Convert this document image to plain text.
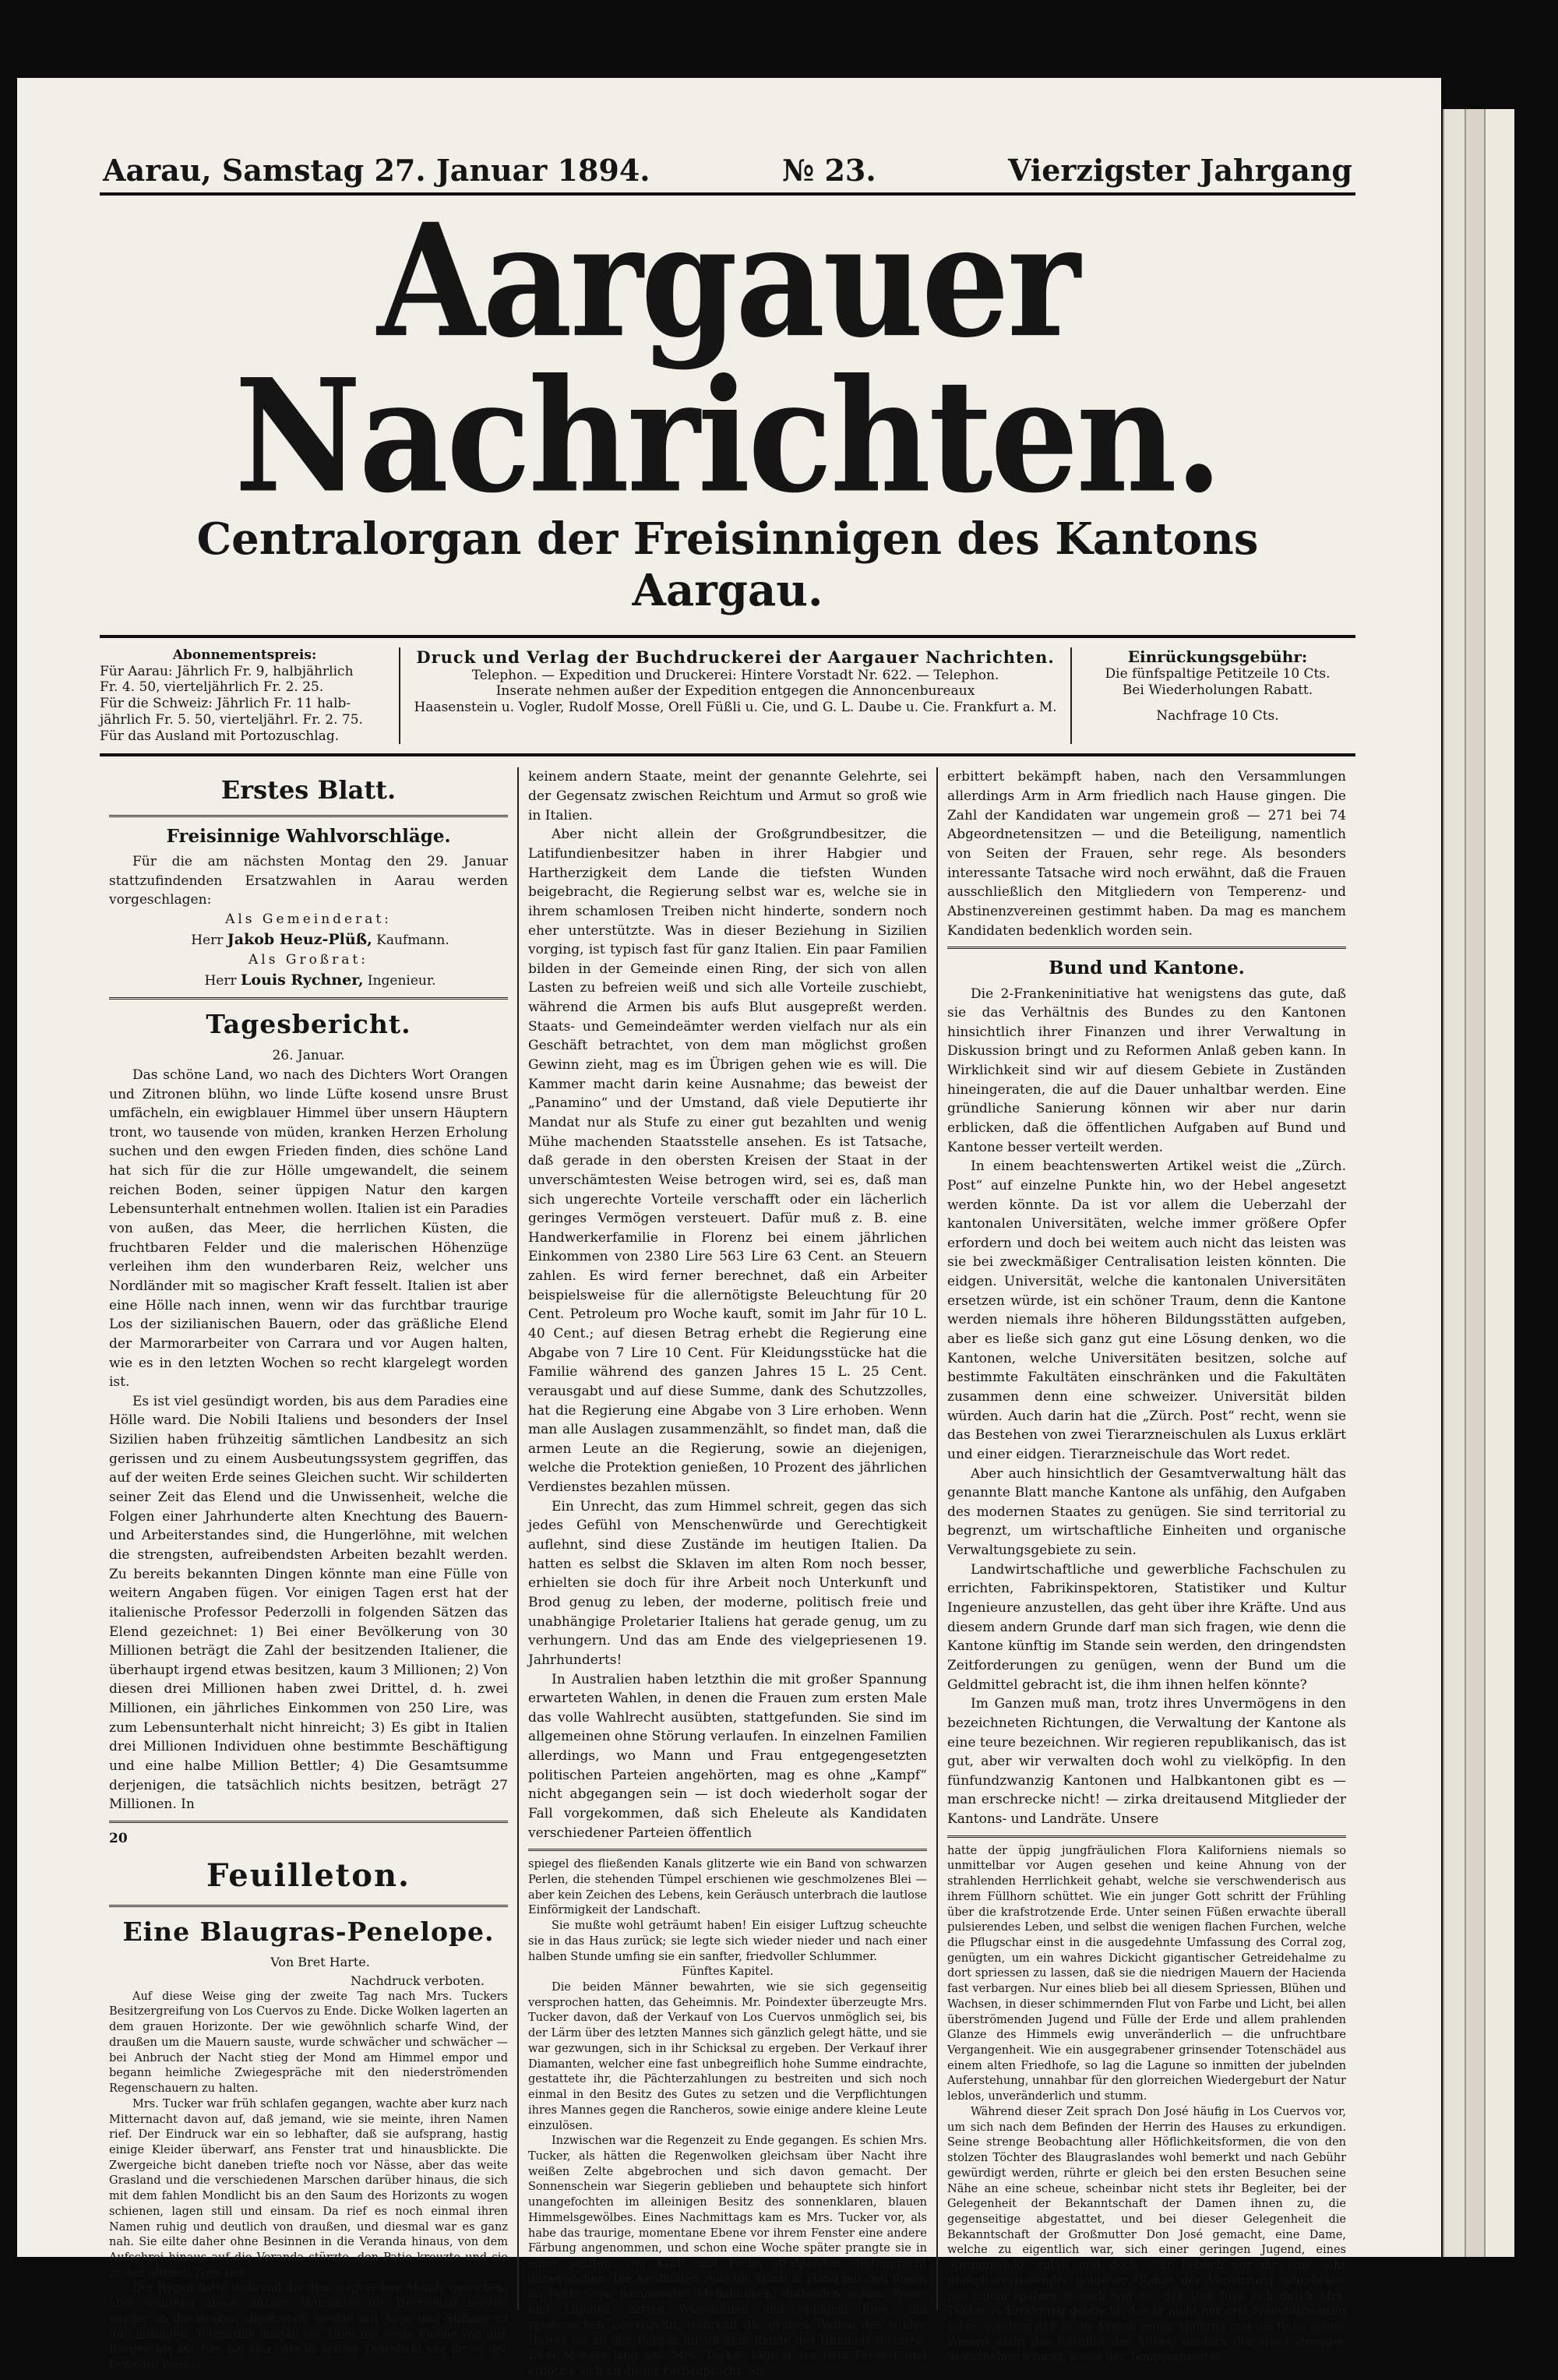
Aarau, Samstag 27. Januar 1894.	№ 23.	Vierzigster Jahrgang
Aargauer Nachrichten.
Centralorgan der Freisinnigen des Kantons Aargau.
Abonnementspreis:
Für Aarau: Jährlich Fr. 9, halbjährlich
Fr. 4. 50, vierteljährlich Fr. 2. 25.
Für die Schweiz: Jährlich Fr. 11 halb-
jährlich Fr. 5. 50, vierteljährl. Fr. 2. 75.
Für das Ausland mit Portozuschlag.
Druck und Verlag der Buchdruckerei der Aargauer Nachrichten.
Telephon. — Expedition und Druckerei: Hintere Vorstadt Nr. 622. — Telephon.
Inserate nehmen außer der Expedition entgegen die Annoncenbureaux
Haasenstein u. Vogler, Rudolf Mosse, Orell Füßli u. Cie, und G. L. Daube u. Cie. Frankfurt a. M.
Einrückungsgebühr:
Die fünfspaltige Petitzeile 10 Cts.
Bei Wiederholungen Rabatt.
Nachfrage 10 Cts.
Erstes Blatt.
Freisinnige Wahlvorschläge.

Für die am nächsten Montag den 29. Januar stattzufindenden Ersatzwahlen in Aarau werden vorgeschlagen:

Als Gemeinderat:

Herr Jakob Heuz-Plüß, Kaufmann.

Als Großrat:

Herr Louis Rychner, Ingenieur.

Tagesbericht.

26. Januar.

Das schöne Land, wo nach des Dichters Wort Orangen und Zitronen blühn, wo linde Lüfte kosend unsre Brust umfächeln, ein ewigblauer Himmel über unsern Häuptern tront, wo tausende von müden, kranken Herzen Erholung suchen und den ewgen Frieden finden, dies schöne Land hat sich für die zur Hölle umgewandelt, die seinem reichen Boden, seiner üppigen Natur den kargen Lebensunterhalt entnehmen wollen. Italien ist ein Paradies von außen, das Meer, die herrlichen Küsten, die fruchtbaren Felder und die malerischen Höhenzüge verleihen ihm den wunderbaren Reiz, welcher uns Nordländer mit so magischer Kraft fesselt. Italien ist aber eine Hölle nach innen, wenn wir das furchtbar traurige Los der sizilianischen Bauern, oder das gräßliche Elend der Marmorarbeiter von Carrara und vor Augen halten, wie es in den letzten Wochen so recht klargelegt worden ist.

Es ist viel gesündigt worden, bis aus dem Paradies eine Hölle ward. Die Nobili Italiens und besonders der Insel Sizilien haben frühzeitig sämtlichen Landbesitz an sich gerissen und zu einem Ausbeutungssystem gegriffen, das auf der weiten Erde seines Gleichen sucht. Wir schilderten seiner Zeit das Elend und die Unwissenheit, welche die Folgen einer Jahrhunderte alten Knechtung des Bauern- und Arbeiterstandes sind, die Hungerlöhne, mit welchen die strengsten, aufreibendsten Arbeiten bezahlt werden. Zu bereits bekannten Dingen könnte man eine Fülle von weitern Angaben fügen. Vor einigen Tagen erst hat der italienische Professor Pederzolli in folgenden Sätzen das Elend gezeichnet: 1) Bei einer Bevölkerung von 30 Millionen beträgt die Zahl der besitzenden Italiener, die überhaupt irgend etwas besitzen, kaum 3 Millionen; 2) Von diesen drei Millionen haben zwei Drittel, d. h. zwei Millionen, ein jährliches Einkommen von 250 Lire, was zum Lebensunterhalt nicht hinreicht; 3) Es gibt in Italien drei Millionen Individuen ohne bestimmte Beschäftigung und eine halbe Million Bettler; 4) Die Gesamtsumme derjenigen, die tatsächlich nichts besitzen, beträgt 27 Millionen. In

20

Feuilleton.
Eine Blaugras-Penelope.

Von Bret Harte.

Nachdruck verboten.

Auf diese Weise ging der zweite Tag nach Mrs. Tuckers Besitzergreifung von Los Cuervos zu Ende. Dicke Wolken lagerten an dem grauen Horizonte. Der wie gewöhnlich scharfe Wind, der draußen um die Mauern sauste, wurde schwächer und schwächer — bei Anbruch der Nacht stieg der Mond am Himmel empor und begann heimliche Zwiegespräche mit den niederströmenden Regenschauern zu halten.

Mrs. Tucker war früh schlafen gegangen, wachte aber kurz nach Mitternacht davon auf, daß jemand, wie sie meinte, ihren Namen rief. Der Eindruck war ein so lebhafter, daß sie aufsprang, hastig einige Kleider überwarf, ans Fenster trat und hinausblickte. Die Zwergeiche bicht daneben triefte noch vor Nässe, aber das weite Grasland und die verschiedenen Marschen darüber hinaus, die sich mit dem fahlen Mondlicht bis an den Saum des Horizonts zu wogen schienen, lagen still und einsam. Da rief es noch einmal ihren Namen ruhig und deutlich von draußen, und diesmal war es ganz nah. Sie eilte daher ohne Besinnen in die Veranda hinaus, von dem Aufschrei hinaus auf die Veranda stürzte, den Patio kreuzte und sie in den offenen Zore tief.

Der Regen hatte während die dem siegreichen Monde gewichen, aber während dieses kurzen Momentes die Herrschaft bereits wieder an die Wolken abgetreten, so daß mit Auge und Stimme zu durchdringen. Totenstille umgab sie. Über die weite Fläche von den Bergen bis zur See lag klar, wie in hellem Tageslicht vor ihr — der bewegte Wasser-

keinem andern Staate, meint der genannte Gelehrte, sei der Gegensatz zwischen Reichtum und Armut so groß wie in Italien.

Aber nicht allein der Großgrundbesitzer, die Latifundienbesitzer haben in ihrer Habgier und Hartherzigkeit dem Lande die tiefsten Wunden beigebracht, die Regierung selbst war es, welche sie in ihrem schamlosen Treiben nicht hinderte, sondern noch eher unterstützte. Was in dieser Beziehung in Sizilien vorging, ist typisch fast für ganz Italien. Ein paar Familien bilden in der Gemeinde einen Ring, der sich von allen Lasten zu befreien weiß und sich alle Vorteile zuschiebt, während die Armen bis aufs Blut ausgepreßt werden. Staats- und Gemeindeämter werden vielfach nur als ein Geschäft betrachtet, von dem man möglichst großen Gewinn zieht, mag es im Übrigen gehen wie es will. Die Kammer macht darin keine Ausnahme; das beweist der „Panamino“ und der Umstand, daß viele Deputierte ihr Mandat nur als Stufe zu einer gut bezahlten und wenig Mühe machenden Staatsstelle ansehen. Es ist Tatsache, daß gerade in den obersten Kreisen der Staat in der unverschämtesten Weise betrogen wird, sei es, daß man sich ungerechte Vorteile verschafft oder ein lächerlich geringes Vermögen versteuert. Dafür muß z. B. eine Handwerkerfamilie in Florenz bei einem jährlichen Einkommen von 2380 Lire 563 Lire 63 Cent. an Steuern zahlen. Es wird ferner berechnet, daß ein Arbeiter beispielsweise für die allernötigste Beleuchtung für 20 Cent. Petroleum pro Woche kauft, somit im Jahr für 10 L. 40 Cent.; auf diesen Betrag erhebt die Regierung eine Abgabe von 7 Lire 10 Cent. Für Kleidungsstücke hat die Familie während des ganzen Jahres 15 L. 25 Cent. verausgabt und auf diese Summe, dank des Schutzzolles, hat die Regierung eine Abgabe von 3 Lire erhoben. Wenn man alle Auslagen zusammenzählt, so findet man, daß die armen Leute an die Regierung, sowie an diejenigen, welche die Protektion genießen, 10 Prozent des jährlichen Verdienstes bezahlen müssen.

Ein Unrecht, das zum Himmel schreit, gegen das sich jedes Gefühl von Menschenwürde und Gerechtigkeit auflehnt, sind diese Zustände im heutigen Italien. Da hatten es selbst die Sklaven im alten Rom noch besser, erhielten sie doch für ihre Arbeit noch Unterkunft und Brod genug zu leben, der moderne, politisch freie und unabhängige Proletarier Italiens hat gerade genug, um zu verhungern. Und das am Ende des vielgepriesenen 19. Jahrhunderts!

In Australien haben letzthin die mit großer Spannung erwarteten Wahlen, in denen die Frauen zum ersten Male das volle Wahlrecht ausübten, stattgefunden. Sie sind im allgemeinen ohne Störung verlaufen. In einzelnen Familien allerdings, wo Mann und Frau entgegengesetzten politischen Parteien angehörten, mag es ohne „Kampf“ nicht abgegangen sein — ist doch wiederholt sogar der Fall vorgekommen, daß sich Eheleute als Kandidaten verschiedener Parteien öffentlich

spiegel des fließenden Kanals glitzerte wie ein Band von schwarzen Perlen, die stehenden Tümpel erschienen wie geschmolzenes Blei — aber kein Zeichen des Lebens, kein Geräusch unterbrach die lautlose Einförmigkeit der Landschaft.

Sie mußte wohl geträumt haben! Ein eisiger Luftzug scheuchte sie in das Haus zurück; sie legte sich wieder nieder und nach einer halben Stunde umfing sie ein sanfter, friedvoller Schlummer.

Fünftes Kapitel.

Die beiden Männer bewahrten, wie sie sich gegenseitig versprochen hatten, das Geheimnis. Mr. Poindexter überzeugte Mrs. Tucker davon, daß der Verkauf von Los Cuervos unmöglich sei, bis der Lärm über des letzten Mannes sich gänzlich gelegt hätte, und sie war gezwungen, sich in ihr Schicksal zu ergeben. Der Verkauf ihrer Diamanten, welcher eine fast unbegreiflich hohe Summe eindrachte, gestattete ihr, die Pächterzahlungen zu bestreiten und sich noch einmal in den Besitz des Gutes zu setzen und die Verpflichtungen ihres Mannes gegen die Rancheros, sowie einige andere kleine Leute einzulösen.

Inzwischen war die Regenzeit zu Ende gegangen. Es schien Mrs. Tucker, als hätten die Regenwolken gleichsam über Nacht ihre weißen Zelte abgebrochen und sich davon gemacht. Der Sonnenschein war Siegerin geblieben und behauptete sich hinfort unangefochten im alleinigen Besitz des sonnenklaren, blauen Himmelsgewölbes. Eines Nachmittags kam es Mrs. Tucker vor, als habe das traurige, momentane Ebene vor ihrem Fenster eine andere Färbung angenommen, und schon eine Woche später prangte sie in einer sanften, von Kraft und Farbe strahlenden Blütenpracht ohnegleichen. Die Senfblüten reichten Hand in Hand mit den Rosen an Felder von flammenden Mohnblumen, duftenden wilden Rosen und Lupinen, zarten Wasserlilien und üppigem Klee, und spielerischen Löwenzahn, während die grünen Wellen des wilden Hafers bis zu den Bergen hinauf zum Rande des Himmels reichten. Zwei Monate lang saß Mrs. Tucker täglich vor dem Fenster und ergötzte sich an dieser Farbenpracht. Sie

erbittert bekämpft haben, nach den Versammlungen allerdings Arm in Arm friedlich nach Hause gingen. Die Zahl der Kandidaten war ungemein groß — 271 bei 74 Abgeordnetensitzen — und die Beteiligung, namentlich von Seiten der Frauen, sehr rege. Als besonders interessante Tatsache wird noch erwähnt, daß die Frauen ausschließlich den Mitgliedern von Temperenz- und Abstinenzvereinen gestimmt haben. Da mag es manchem Kandidaten bedenklich worden sein.

Bund und Kantone.

Die 2-Frankeninitiative hat wenigstens das gute, daß sie das Verhältnis des Bundes zu den Kantonen hinsichtlich ihrer Finanzen und ihrer Verwaltung in Diskussion bringt und zu Reformen Anlaß geben kann. In Wirklichkeit sind wir auf diesem Gebiete in Zuständen hineingeraten, die auf die Dauer unhaltbar werden. Eine gründliche Sanierung können wir aber nur darin erblicken, daß die öffentlichen Aufgaben auf Bund und Kantone besser verteilt werden.

In einem beachtenswerten Artikel weist die „Zürch. Post“ auf einzelne Punkte hin, wo der Hebel angesetzt werden könnte. Da ist vor allem die Ueberzahl der kantonalen Universitäten, welche immer größere Opfer erfordern und doch bei weitem auch nicht das leisten was sie bei zweckmäßiger Centralisation leisten könnten. Die eidgen. Universität, welche die kantonalen Universitäten ersetzen würde, ist ein schöner Traum, denn die Kantone werden niemals ihre höheren Bildungsstätten aufgeben, aber es ließe sich ganz gut eine Lösung denken, wo die Kantonen, welche Universitäten besitzen, solche auf bestimmte Fakultäten einschränken und die Fakultäten zusammen denn eine schweizer. Universität bilden würden. Auch darin hat die „Zürch. Post“ recht, wenn sie das Bestehen von zwei Tierarzneischulen als Luxus erklärt und einer eidgen. Tierarzneischule das Wort redet.

Aber auch hinsichtlich der Gesamtverwaltung hält das genannte Blatt manche Kantone als unfähig, den Aufgaben des modernen Staates zu genügen. Sie sind territorial zu begrenzt, um wirtschaftliche Einheiten und organische Verwaltungsgebiete zu sein.

Landwirtschaftliche und gewerbliche Fachschulen zu errichten, Fabrikinspektoren, Statistiker und Kultur Ingenieure anzustellen, das geht über ihre Kräfte. Und aus diesem andern Grunde darf man sich fragen, wie denn die Kantone künftig im Stande sein werden, den dringendsten Zeitforderungen zu genügen, wenn der Bund um die Geldmittel gebracht ist, die ihm ihnen helfen könnte?

Im Ganzen muß man, trotz ihres Unvermögens in den bezeichneten Richtungen, die Verwaltung der Kantone als eine teure bezeichnen. Wir regieren republikanisch, das ist gut, aber wir verwalten doch wohl zu vielköpfig. In den fünfundzwanzig Kantonen und Halbkantonen gibt es — man erschrecke nicht! — zirka dreitausend Mitglieder der Kantons- und Landräte. Unsere

hatte der üppig jungfräulichen Flora Kaliforniens niemals so unmittelbar vor Augen gesehen und keine Ahnung von der strahlenden Herrlichkeit gehabt, welche sie verschwenderisch aus ihrem Füllhorn schüttet. Wie ein junger Gott schritt der Frühling über die krafstrotzende Erde. Unter seinen Füßen erwachte überall pulsierendes Leben, und selbst die wenigen flachen Furchen, welche die Pflugschar einst in die ausgedehnte Umfassung des Corral zog, genügten, um ein wahres Dickicht gigantischer Getreidehalme zu dort spriessen zu lassen, daß sie die niedrigen Mauern der Hacienda fast verbargen. Nur eines blieb bei all diesem Spriessen, Blühen und Wachsen, in dieser schimmernden Flut von Farbe und Licht, bei allen überströmenden Jugend und Fülle der Erde und allem prahlenden Glanze des Himmels ewig unveränderlich — die unfruchtbare Vergangenheit. Wie ein ausgegrabener grinsender Totenschädel aus einem alten Friedhofe, so lag die Lagune so inmitten der jubelnden Auferstehung, unnahbar für den glorreichen Wiedergeburt der Natur leblos, unveränderlich und stumm.

Während dieser Zeit sprach Don José häufig in Los Cuervos vor, um sich nach dem Befinden der Herrin des Hauses zu erkundigen. Seine strenge Beobachtung aller Höflichkeitsformen, die von den stolzen Töchter des Blaugraslandes wohl bemerkt und nach Gebühr gewürdigt werden, rührte er gleich bei den ersten Besuchen seine Nähe an eine scheue, scheinbar nicht stets ihr Begleiter, bei der Gelegenheit der Bekanntschaft der Damen ihnen zu, die gegenseitige abgestattet, und bei dieser Gelegenheit die Bekanntschaft der Großmutter Don José gemacht, eine Dame, welche zu eigentlich war, sich einer geringen Jugend, eines Springinsfeld, zufaß und doch sehr lieblich vor ihr eine sehr phosphoreszierender goldener Glanze der Verwirrung schmückte. Bei einem spätern Besuch war es, daß Don José sich durch Mrs. Tucker in Erfahrung gebracht, das er nicht nur erst zweiundzwanzig Jahre, sondern daß er die Ernste seiner Haltung und die Ruhe seines Wesens nicht das Resultat des Alters, sondern der eines strengen Selbstbeherrschung, sowie des Temperamentes
